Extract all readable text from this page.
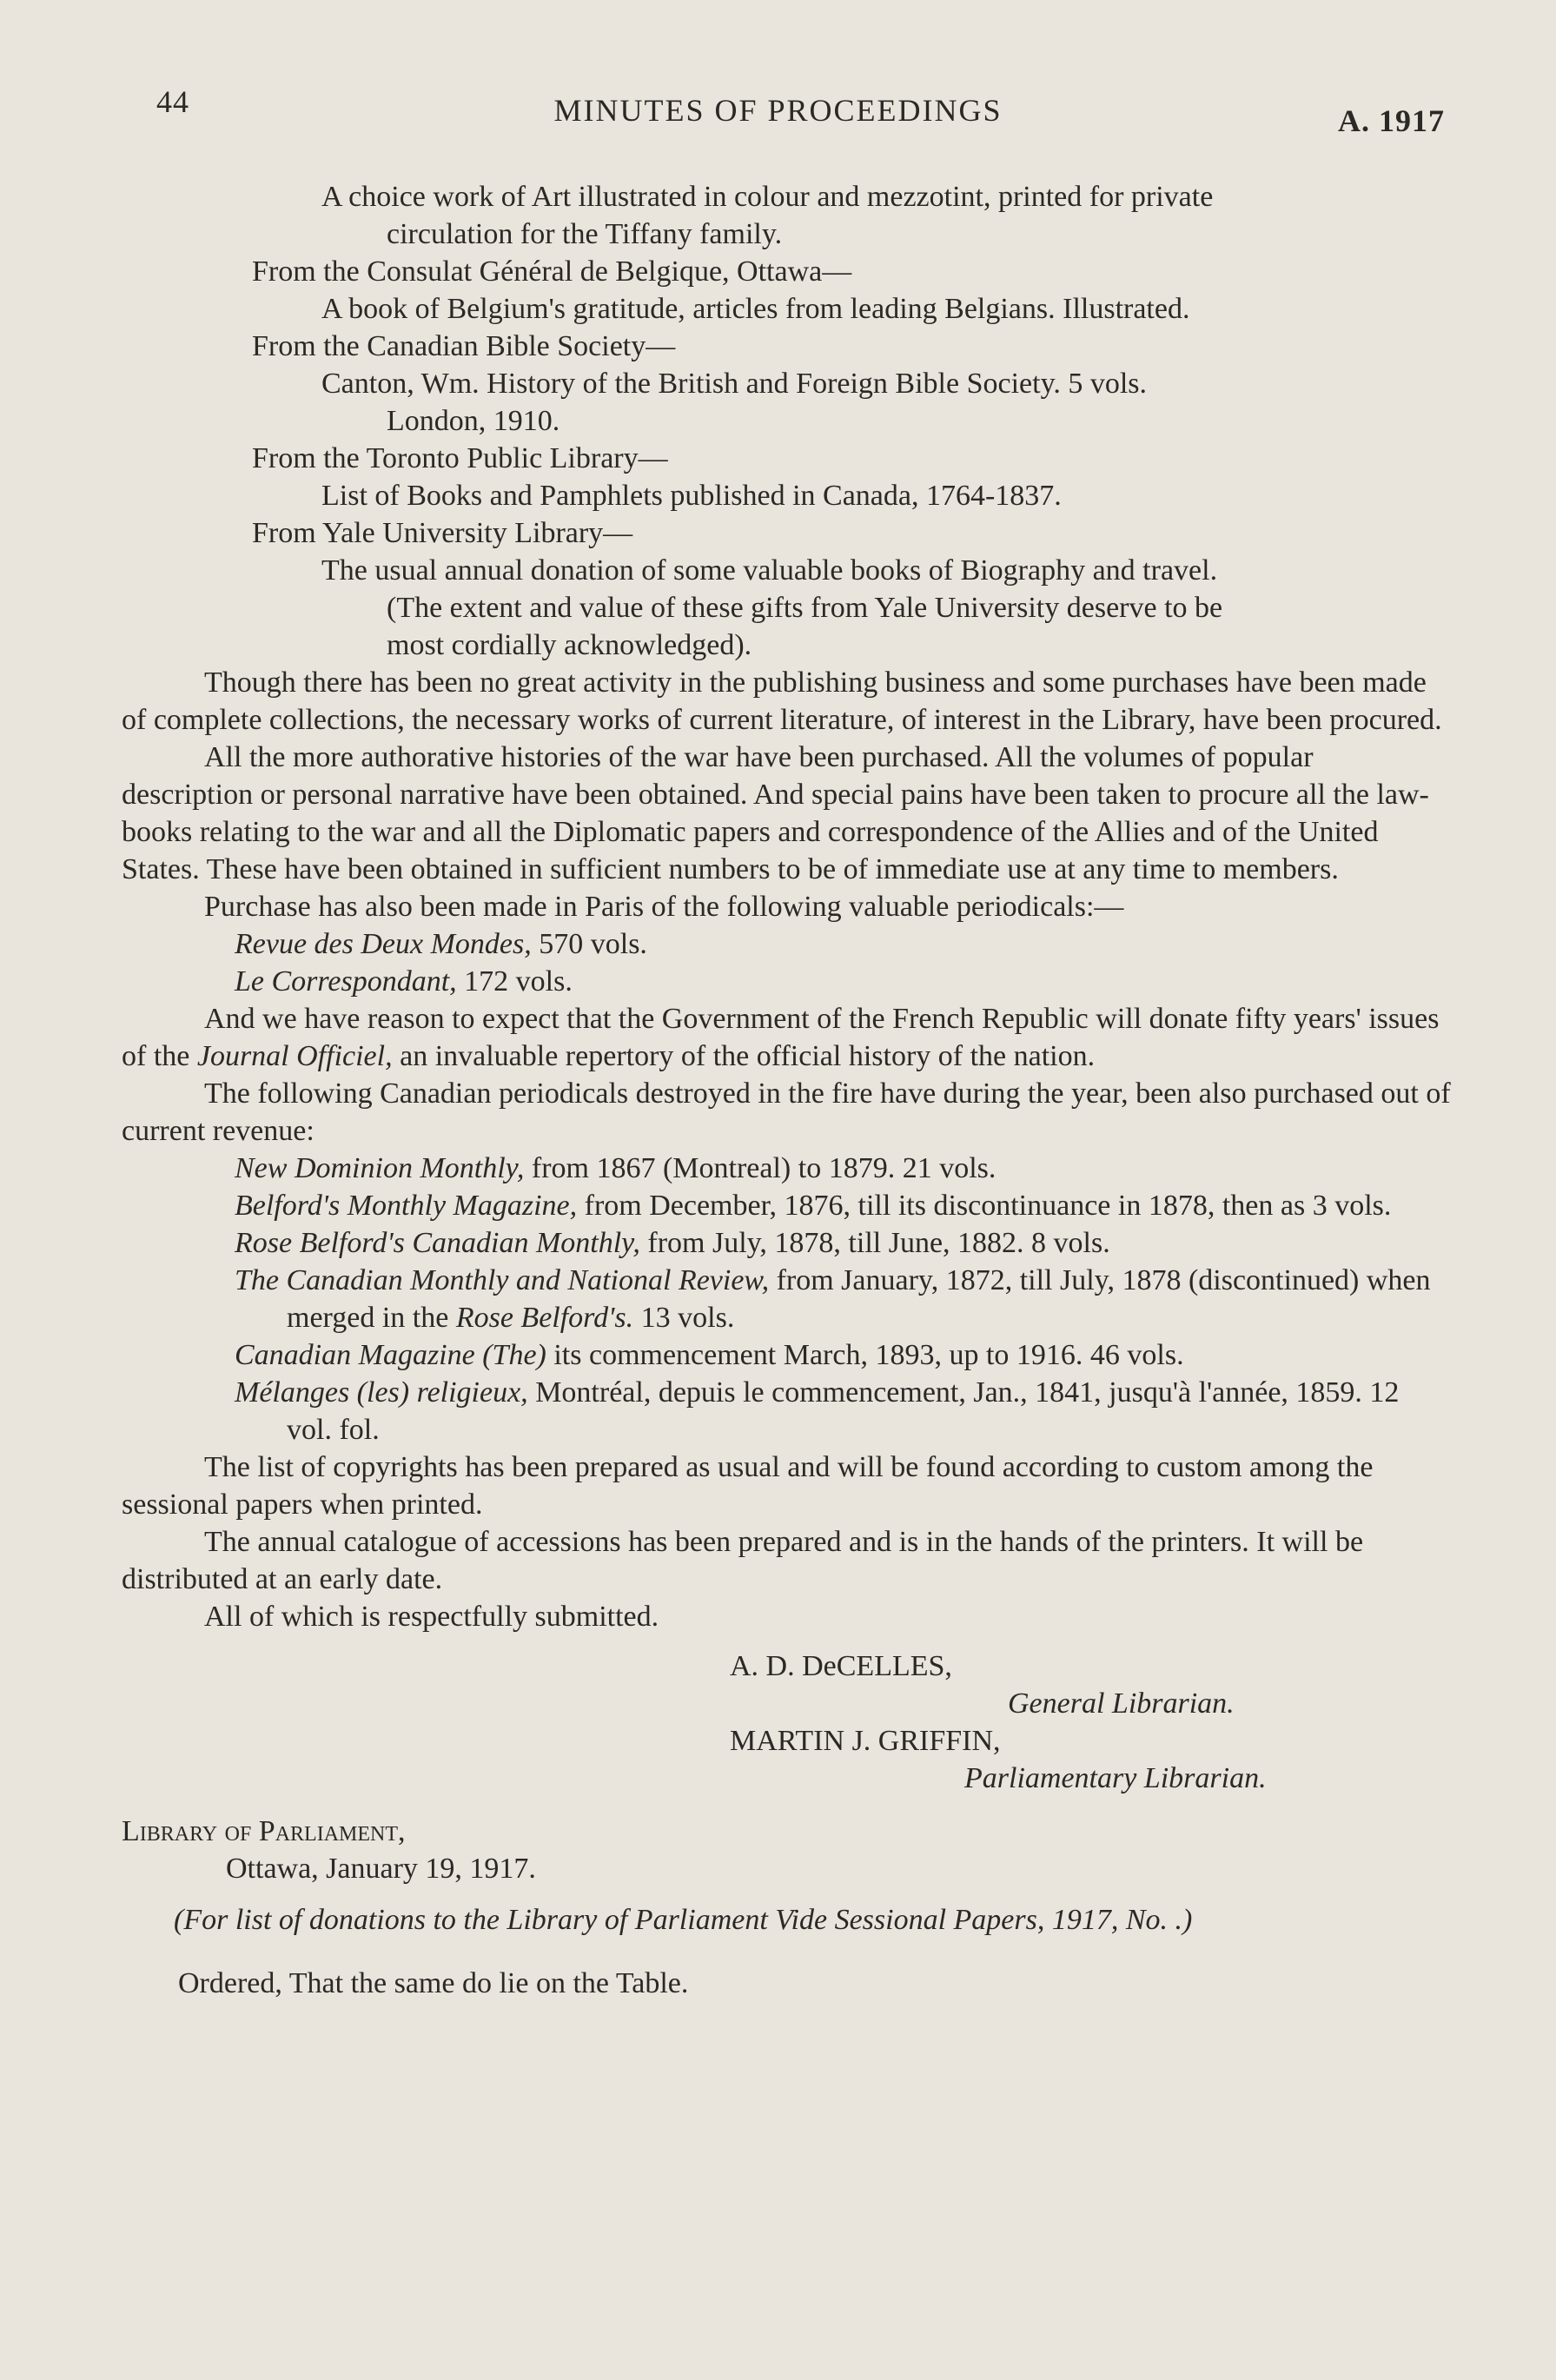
44	MINUTES OF PROCEEDINGS	A. 1917

A choice work of Art illustrated in colour and mezzotint, printed for private

circulation for the Tiffany family.

From the Consulat Général de Belgique, Ottawa—

A book of Belgium's gratitude, articles from leading Belgians. Illustrated.

From the Canadian Bible Society—

Canton, Wm. History of the British and Foreign Bible Society. 5 vols.

London, 1910.

From the Toronto Public Library—

List of Books and Pamphlets published in Canada, 1764-1837.

From Yale University Library—

The usual annual donation of some valuable books of Biography and travel.

(The extent and value of these gifts from Yale University deserve to be

most cordially acknowledged).

Though there has been no great activity in the publishing business and some purchases have been made of complete collections, the necessary works of current literature, of interest in the Library, have been procured.

All the more authorative histories of the war have been purchased. All the volumes of popular description or personal narrative have been obtained. And special pains have been taken to procure all the law-books relating to the war and all the Diplomatic papers and correspondence of the Allies and of the United States. These have been obtained in sufficient numbers to be of immediate use at any time to members.

Purchase has also been made in Paris of the following valuable periodicals:—

Revue des Deux Mondes, 570 vols.

Le Correspondant, 172 vols.

And we have reason to expect that the Government of the French Republic will donate fifty years' issues of the Journal Officiel, an invaluable repertory of the official history of the nation.

The following Canadian periodicals destroyed in the fire have during the year, been also purchased out of current revenue:

New Dominion Monthly, from 1867 (Montreal) to 1879. 21 vols.

Belford's Monthly Magazine, from December, 1876, till its discontinuance in 1878, then as 3 vols.

Rose Belford's Canadian Monthly, from July, 1878, till June, 1882. 8 vols.

The Canadian Monthly and National Review, from January, 1872, till July, 1878 (discontinued) when merged in the Rose Belford's. 13 vols.

Canadian Magazine (The) its commencement March, 1893, up to 1916. 46 vols.

Mélanges (les) religieux, Montréal, depuis le commencement, Jan., 1841, jusqu'à l'année, 1859. 12 vol. fol.

The list of copyrights has been prepared as usual and will be found according to custom among the sessional papers when printed.

The annual catalogue of accessions has been prepared and is in the hands of the printers. It will be distributed at an early date.

All of which is respectfully submitted.

A. D. DeCELLES,

General Librarian.

MARTIN J. GRIFFIN,

Parliamentary Librarian.

Library of Parliament,

Ottawa, January 19, 1917.

(For list of donations to the Library of Parliament Vide Sessional Papers, 1917, No. .)

Ordered, That the same do lie on the Table.
